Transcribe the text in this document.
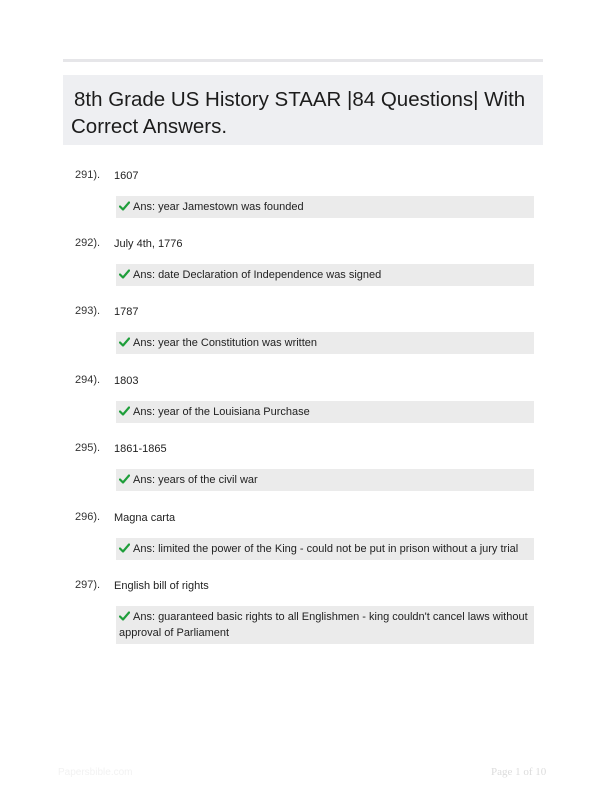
8th Grade US History STAAR |84 Questions| With Correct Answers.
291). 1607
Ans: year Jamestown was founded
292). July 4th, 1776
Ans: date Declaration of Independence was signed
293). 1787
Ans: year the Constitution was written
294). 1803
Ans: year of the Louisiana Purchase
295). 1861-1865
Ans: years of the civil war
296). Magna carta
Ans: limited the power of the King - could not be put in prison without a jury trial
297). English bill of rights
Ans: guaranteed basic rights to all Englishmen - king couldn't cancel laws without approval of Parliament
Papersbible.com	Page 1 of 10
